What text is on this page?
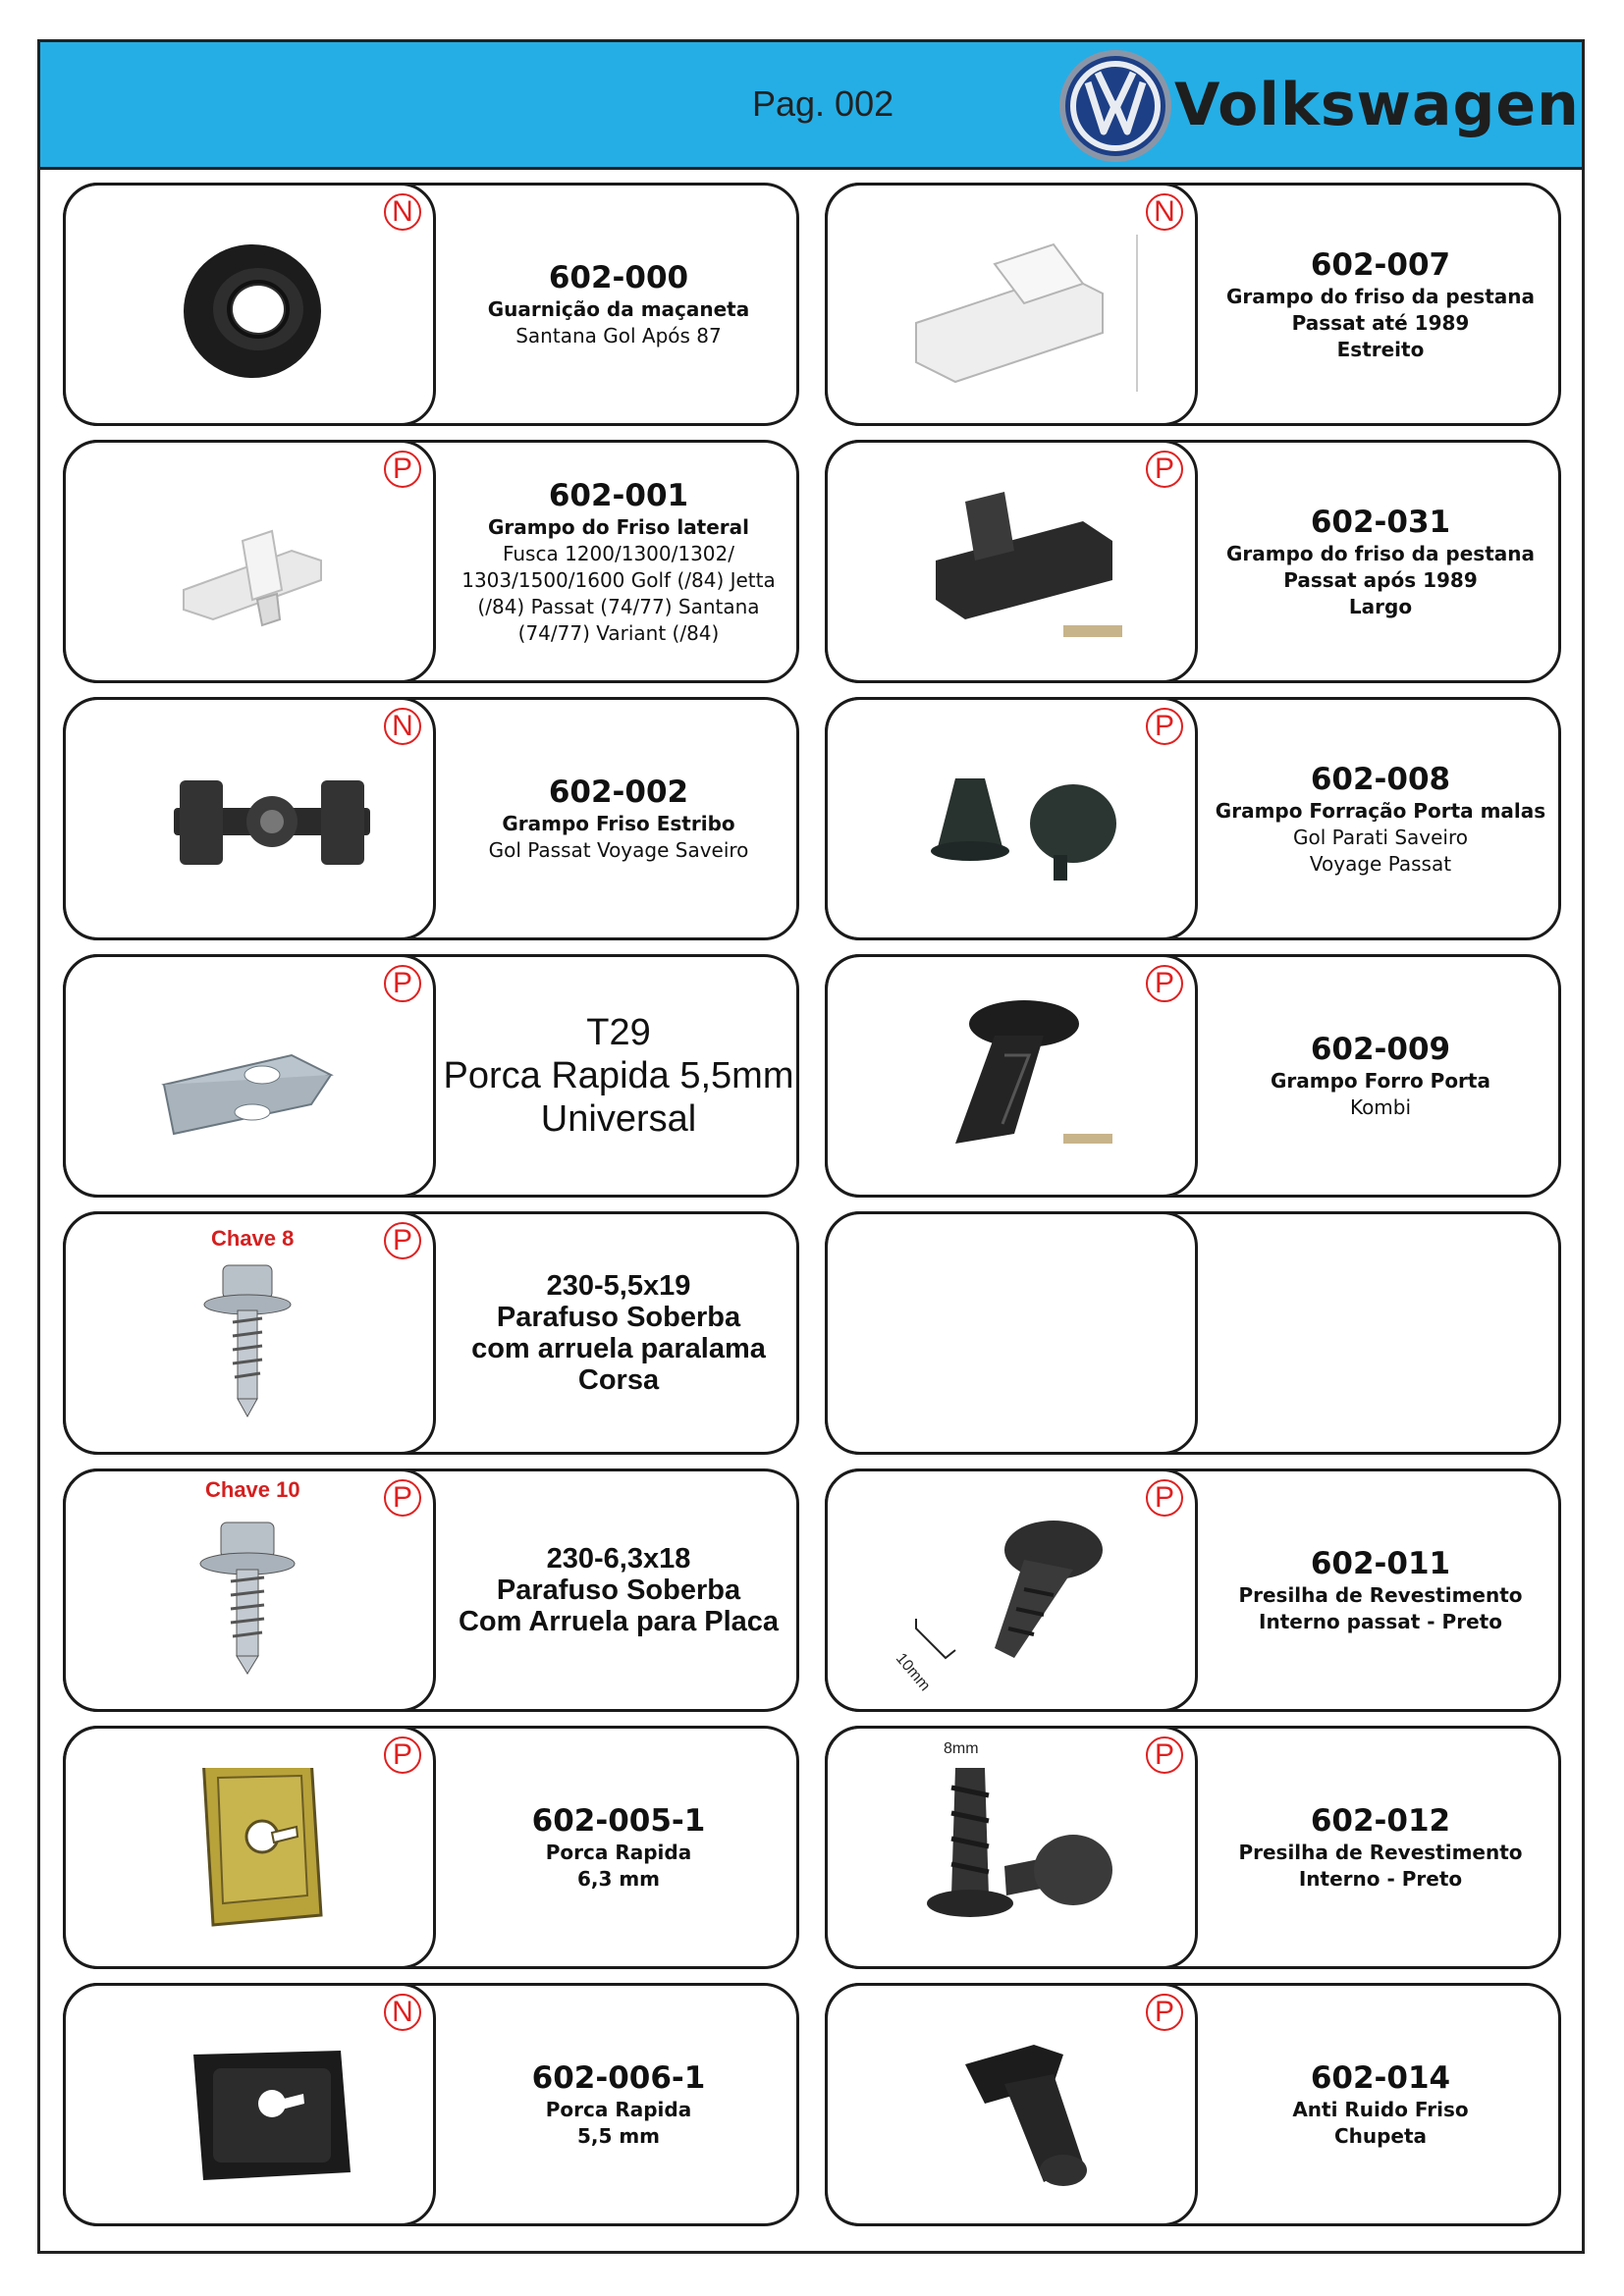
Pag. 002	Volkswagen
N
602-000
Guarnição da maçaneta
Santana Gol Após 87
P
602-001
Grampo do Friso lateral
Fusca 1200/1300/1302/
1303/1500/1600 Golf (/84) Jetta
(/84) Passat (74/77) Santana
(74/77) Variant (/84)
N
602-002
Grampo Friso Estribo
Gol Passat Voyage Saveiro
P
T29
Porca Rapida 5,5mm
Universal
P
Chave 8
230-5,5x19
Parafuso Soberba
com arruela paralama
Corsa
P
Chave 10
230-6,3x18
Parafuso Soberba
Com Arruela para Placa
P
602-005-1
Porca Rapida
6,3 mm
N
602-006-1
Porca Rapida
5,5 mm
N
602-007
Grampo do friso da pestana
Passat até 1989
Estreito
P
602-031
Grampo do friso da pestana
Passat após 1989
Largo
P
602-008
Grampo Forração Porta malas
Gol Parati Saveiro
Voyage Passat
P
602-009
Grampo Forro Porta
Kombi
P
10mm
602-011
Presilha de Revestimento
Interno passat - Preto
P
8mm
602-012
Presilha de Revestimento
Interno - Preto
P
602-014
Anti Ruido Friso
Chupeta
